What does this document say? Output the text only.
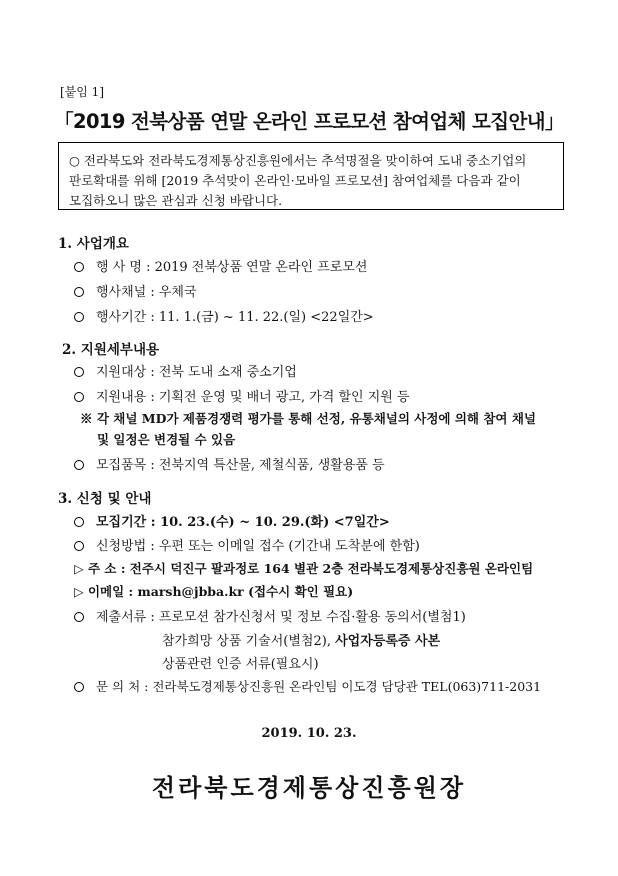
[붙임 1]
｢2019 전북상품 연말 온라인 프로모션 참여업체 모집안내｣
○ 전라북도와 전라북도경제통상진흥원에서는 추석명절을 맞이하여 도내 중소기업의
판로확대를 위해 [2019 추석맞이 온라인·모바일 프로모션] 참여업체를 다음과 같이
모집하오니 많은 관심과 신청 바랍니다.
1. 사업개요
행 사 명 : 2019 전북상품 연말 온라인 프로모션
행사채널 : 우체국
행사기간 : 11. 1.(금) ~ 11. 22.(일) <22일간>
2. 지원세부내용
지원대상 : 전북 도내 소재 중소기업
지원내용 : 기획전 운영 및 배너 광고, 가격 할인 지원 등
※ 각 채널 MD가 제품경쟁력 평가를 통해 선정, 유통채널의 사정에 의해 참여 채널
및 일정은 변경될 수 있음
모집품목 : 전북지역 특산물, 제철식품, 생활용품 등
3. 신청 및 안내
모집기간 : 10. 23.(수) ~ 10. 29.(화) <7일간>
신청방법 : 우편 또는 이메일 접수 (기간내 도착분에 한함)
▷ 주 소 : 전주시 덕진구 팔과정로 164 별관 2층 전라북도경제통상진흥원 온라인팀
▷ 이메일 : marsh@jbba.kr (접수시 확인 필요)
제출서류 : 프로모션 참가신청서 및 정보 수집·활용 동의서(별첨1)
참가희망 상품 기술서(별첨2), 사업자등록증 사본
상품관련 인증 서류(필요시)
문 의 처 : 전라북도경제통상진흥원 온라인팀 이도경 담당관 TEL(063)711-2031
2019. 10. 23.
전라북도경제통상진흥원장
